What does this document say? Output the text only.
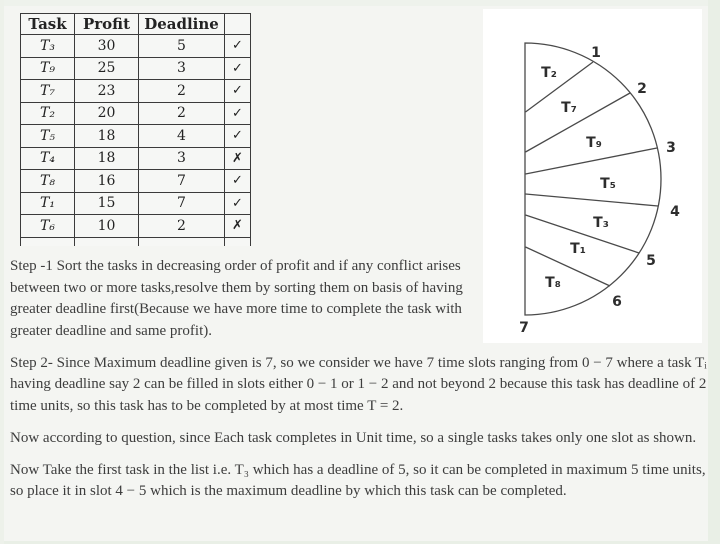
Task	Profit	Deadline	
T₃	30	5	✓
T₉	25	3	✓
T₇	23	2	✓
T₂	20	2	✓
T₅	18	4	✓
T₄	18	3	✗
T₈	16	7	✓
T₁	15	7	✓
T₆	10	2	✗

1
2
3
4
5
6
7
T₂
T₇
T₉
T₅
T₃
T₁
T₈

Step -1 Sort the tasks in decreasing order of profit and if any conflict arises between two or more tasks,resolve them by sorting them on basis of having greater deadline first(Because we have more time to complete the task with greater deadline and same profit).

Step 2- Since Maximum deadline given is 7, so we consider we have 7 time slots ranging from 0 − 7 where a task Tᵢ having deadline say 2 can be filled in slots either 0 − 1 or 1 − 2 and not beyond 2 because this task has deadline of 2 time units, so this task has to be completed by at most time T = 2.

Now according to question, since Each task completes in Unit time, so a single tasks takes only one slot as shown.

Now Take the first task in the list i.e. T₃ which has a deadline of 5, so it can be completed in maximum 5 time units, so place it in slot 4 − 5 which is the maximum deadline by which this task can be completed.
